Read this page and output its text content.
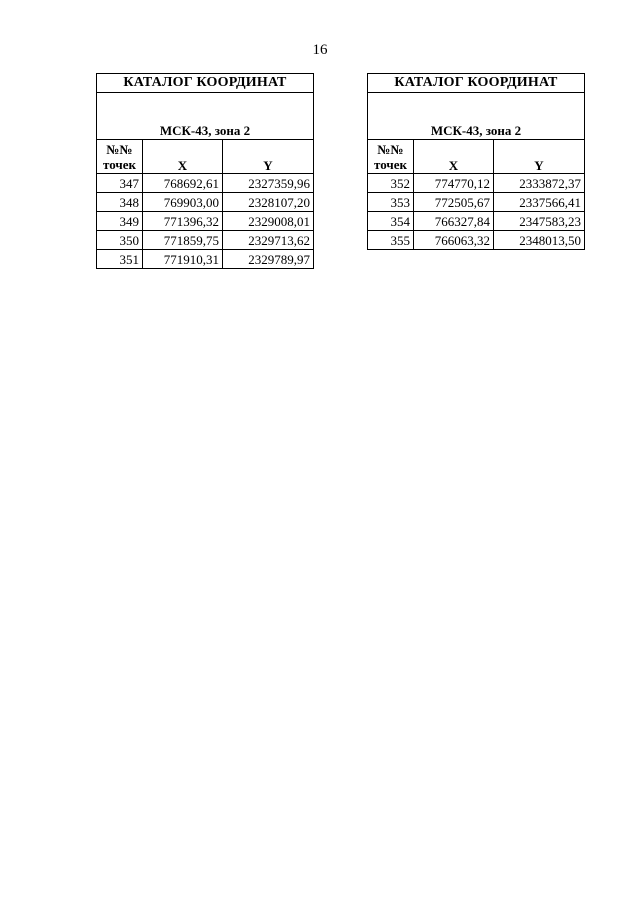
16
КАТАЛОГ КООРДИНАТ		
МСК-43, зона 2		
№№
точек	X	Y
347	768692,61	2327359,96
348	769903,00	2328107,20
349	771396,32	2329008,01
350	771859,75	2329713,62
351	771910,31	2329789,97
КАТАЛОГ КООРДИНАТ		
МСК-43, зона 2		
№№
точек	X	Y
352	774770,12	2333872,37
353	772505,67	2337566,41
354	766327,84	2347583,23
355	766063,32	2348013,50
